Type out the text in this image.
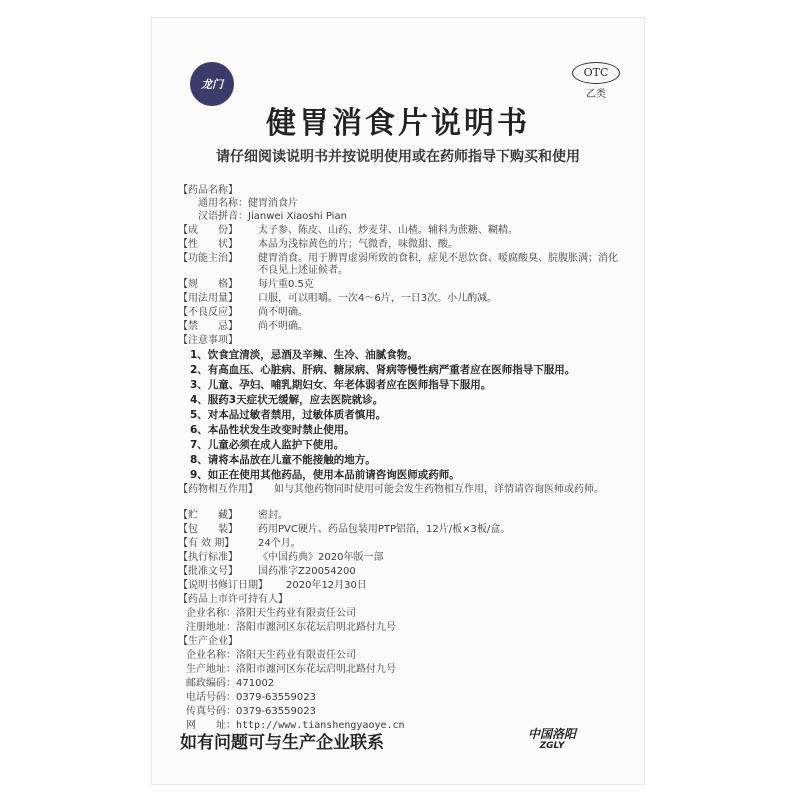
龙门
OTC
乙类
健胃消食片说明书
请仔细阅读说明书并按说明使用或在药师指导下购买和使用
【药品名称】
通用名称： 健胃消食片
汉语拼音： Jianwei Xiaoshi Pian
【成　　份】	太子参、陈皮、山药、炒麦芽、山楂。辅料为蔗糖、糊精。
【性　　状】	本品为浅棕黄色的片；气微香，味微甜、酸。
【功能主治】	健胃消食。用于脾胃虚弱所致的食积，症见不思饮食、嗳腐酸臭、脘腹胀满；消化不良见上述证候者。
【规　　格】	每片重0.5克
【用法用量】	口服，可以咀嚼。一次4～6片，一日3次。小儿酌减。
【不良反应】	尚不明确。
【禁　　忌】	尚不明确。
【注意事项】
1、饮食宜清淡，忌酒及辛辣、生冷、油腻食物。
2、有高血压、心脏病、肝病、糖尿病、肾病等慢性病严重者应在医师指导下服用。
3、儿童、孕妇、哺乳期妇女、年老体弱者应在医师指导下服用。
4、服药3天症状无缓解，应去医院就诊。
5、对本品过敏者禁用，过敏体质者慎用。
6、本品性状发生改变时禁止使用。
7、儿童必须在成人监护下使用。
8、请将本品放在儿童不能接触的地方。
9、如正在使用其他药品，使用本品前请咨询医师或药师。
【药物相互作用】	如与其他药物同时使用可能会发生药物相互作用，详情请咨询医师或药师。
【贮　　藏】	密封。
【包　　装】	药用PVC硬片、药品包装用PTP铝箔，12片/板×3板/盒。
【有 效 期】	24个月。
【执行标准】	《中国药典》2020年版一部
【批准文号】	国药准字Z20054200
【说明书修订日期】	2020年12月30日
【药品上市许可持有人】
企业名称： 洛阳天生药业有限责任公司
注册地址： 洛阳市瀍河区东花坛启明北路付九号
【生产企业】
企业名称： 洛阳天生药业有限责任公司
生产地址： 洛阳市瀍河区东花坛启明北路付九号
邮政编码： 471002
电话号码： 0379-63559023
传真号码： 0379-63559023
网　　址： http://www.tianshengyaoye.cn
如有问题可与生产企业联系	中国洛阳
ZGLY
